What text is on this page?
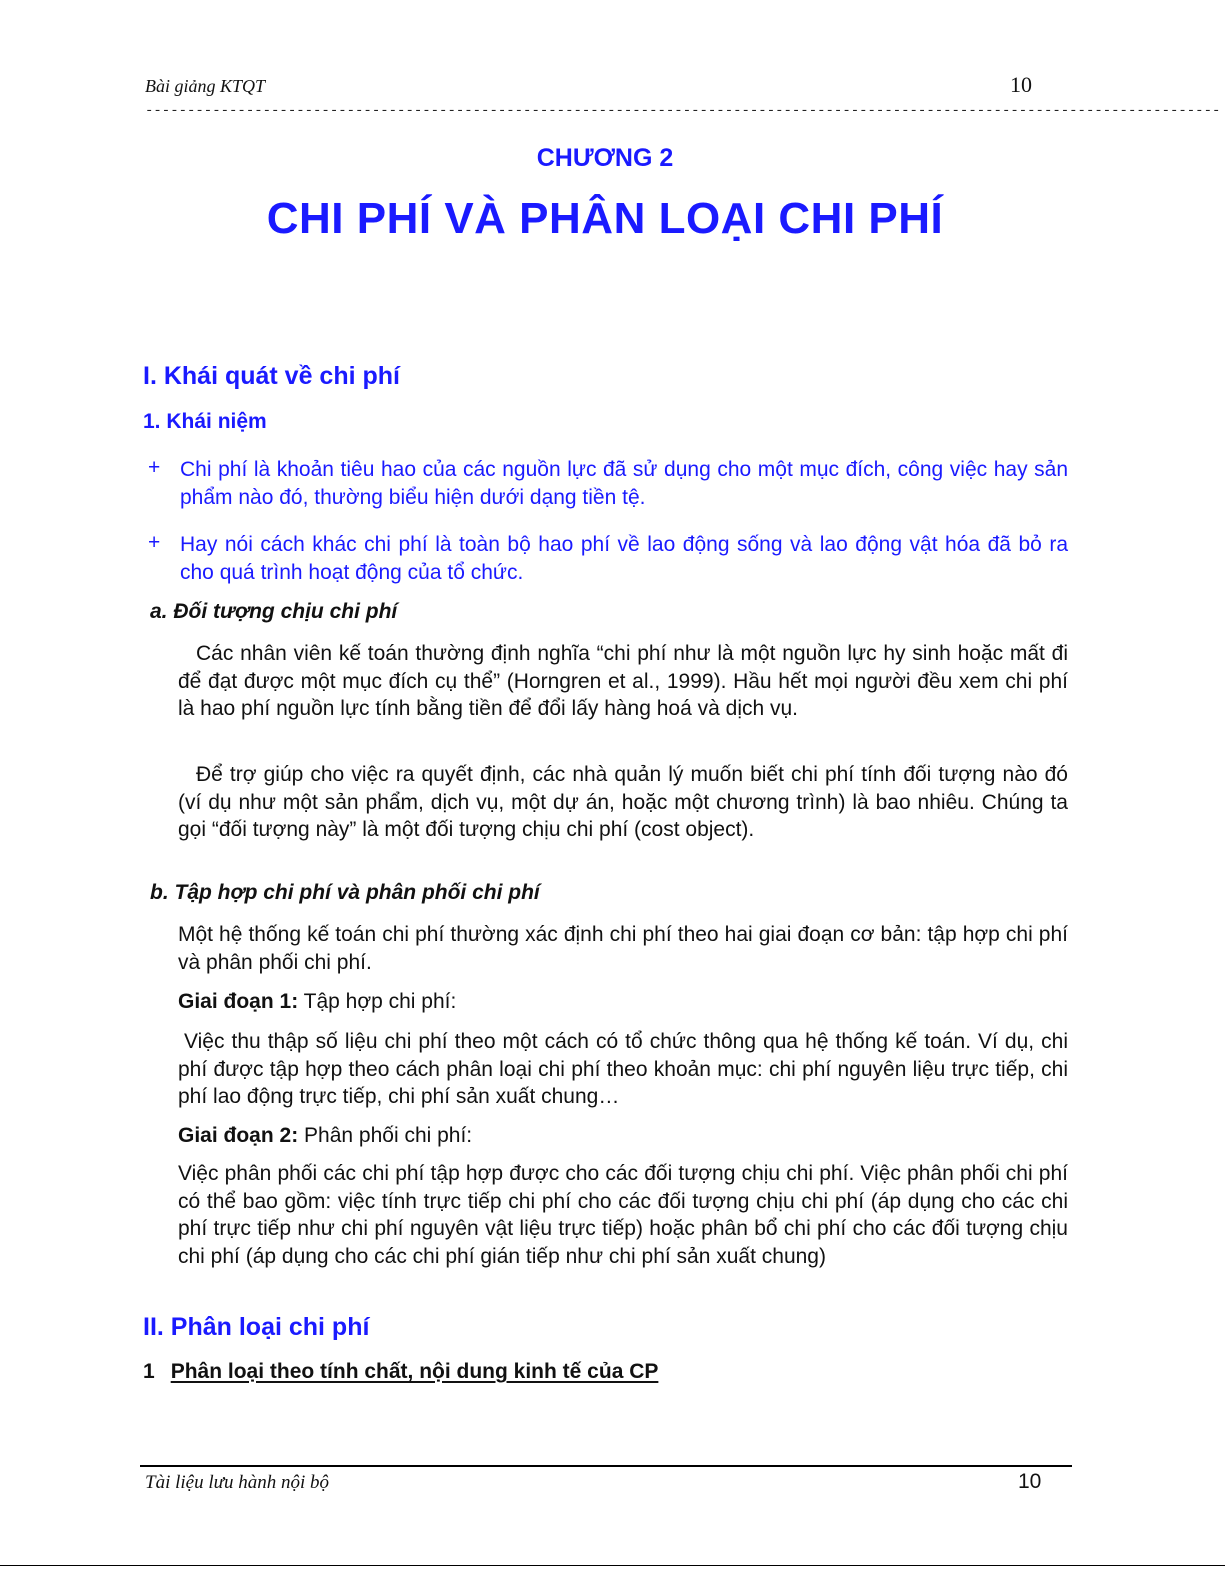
Bài giảng KTQT	10
--------------------------------------------------------------------------------------------------------------------------------
CHƯƠNG 2
CHI PHÍ VÀ PHÂN LOẠI CHI PHÍ
I. Khái quát về chi phí
1. Khái niệm
+ Chi phí là khoản tiêu hao của các nguồn lực đã sử dụng cho một mục đích, công việc hay sản phẩm nào đó, thường biểu hiện dưới dạng tiền tệ.
+ Hay nói cách khác chi phí là toàn bộ hao phí về lao động sống và lao động vật hóa đã bỏ ra cho quá trình hoạt động của tổ chức.
a. Đối tượng chịu chi phí
Các nhân viên kế toán thường định nghĩa “chi phí như là một nguồn lực hy sinh hoặc mất đi để đạt được một mục đích cụ thể” (Horngren et al., 1999). Hầu hết mọi người đều xem chi phí là hao phí nguồn lực tính bằng tiền để đổi lấy hàng hoá và dịch vụ.
Để trợ giúp cho việc ra quyết định, các nhà quản lý muốn biết chi phí tính đối tượng nào đó (ví dụ như một sản phẩm, dịch vụ, một dự án, hoặc một chương trình) là bao nhiêu. Chúng ta gọi “đối tượng này” là một đối tượng chịu chi phí (cost object).
b. Tập hợp chi phí và phân phối chi phí
Một hệ thống kế toán chi phí thường xác định chi phí theo hai giai đoạn cơ bản: tập hợp chi phí và phân phối chi phí.
Giai đoạn 1: Tập hợp chi phí:
Việc thu thập số liệu chi phí theo một cách có tổ chức thông qua hệ thống kế toán. Ví dụ, chi phí được tập hợp theo cách phân loại chi phí theo khoản mục: chi phí nguyên liệu trực tiếp, chi phí lao động trực tiếp, chi phí sản xuất chung…
Giai đoạn 2: Phân phối chi phí:
Việc phân phối các chi phí tập hợp được cho các đối tượng chịu chi phí. Việc phân phối chi phí có thể bao gồm: việc tính trực tiếp chi phí cho các đối tượng chịu chi phí (áp dụng cho các chi phí trực tiếp như chi phí nguyên vật liệu trực tiếp) hoặc phân bổ chi phí cho các đối tượng chịu chi phí (áp dụng cho các chi phí gián tiếp như chi phí sản xuất chung)
II. Phân loại chi phí
1 Phân loại theo tính chất, nội dung kinh tế của CP
Tài liệu lưu hành nội bộ	10
